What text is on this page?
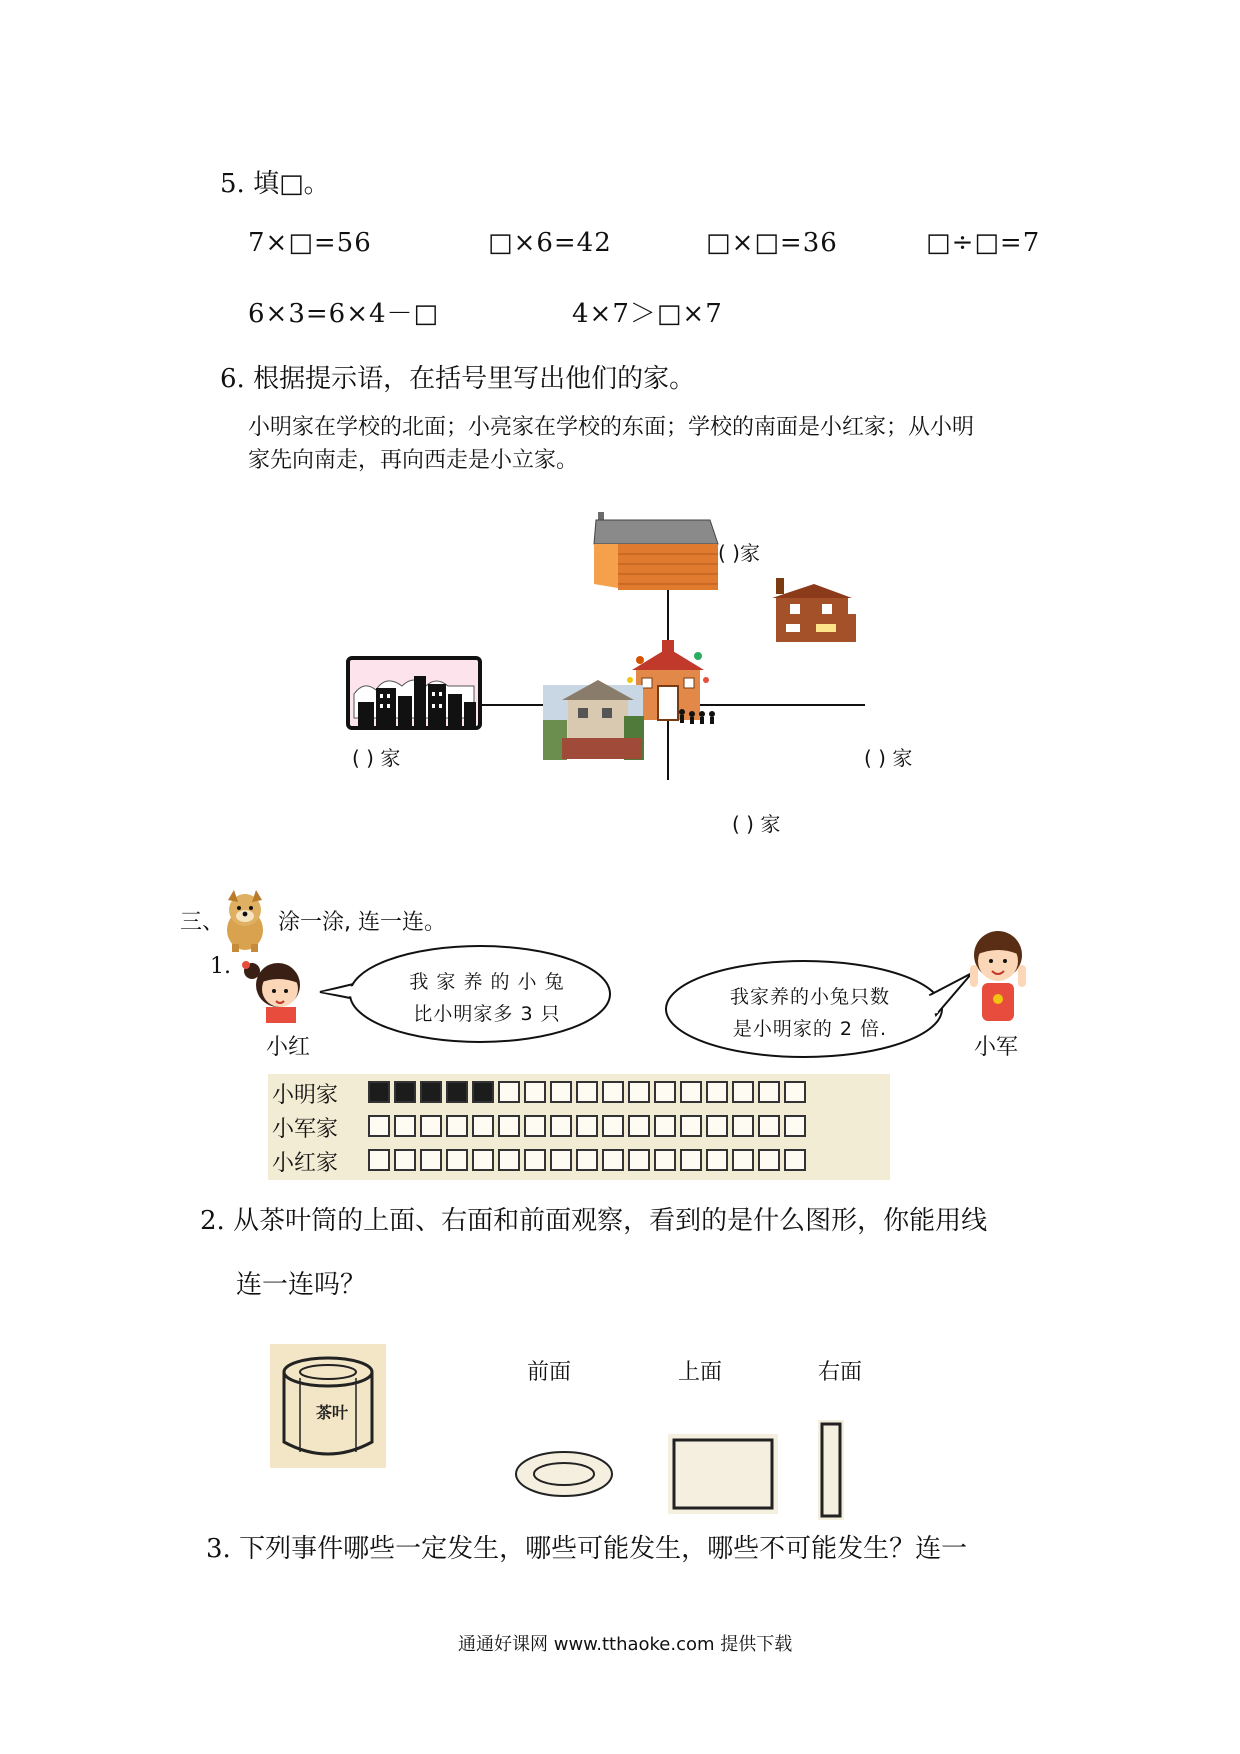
5. 填□。
7×□=56	□×6=42	□×□=36	□÷□=7
6×3=6×4－□	4×7＞□×7
6. 根据提示语，在括号里写出他们的家。
小明家在学校的北面；小亮家在学校的东面；学校的南面是小红家；从小明
家先向南走，再向西走是小立家。
( )家
( ) 家	( ) 家
( ) 家
三、 涂一涂, 连一连。
1.
小红
我 家 养 的 小 兔
比小明家多 3 只
我家养的小兔只数
是小明家的 2 倍.
小军
小明家
小军家
小红家
2. 从茶叶筒的上面、右面和前面观察，看到的是什么图形，你能用线
连一连吗？
茶叶
前面	上面	右面
3. 下列事件哪些一定发生，哪些可能发生，哪些不可能发生？连一
通通好课网 www.tthaoke.com 提供下载
